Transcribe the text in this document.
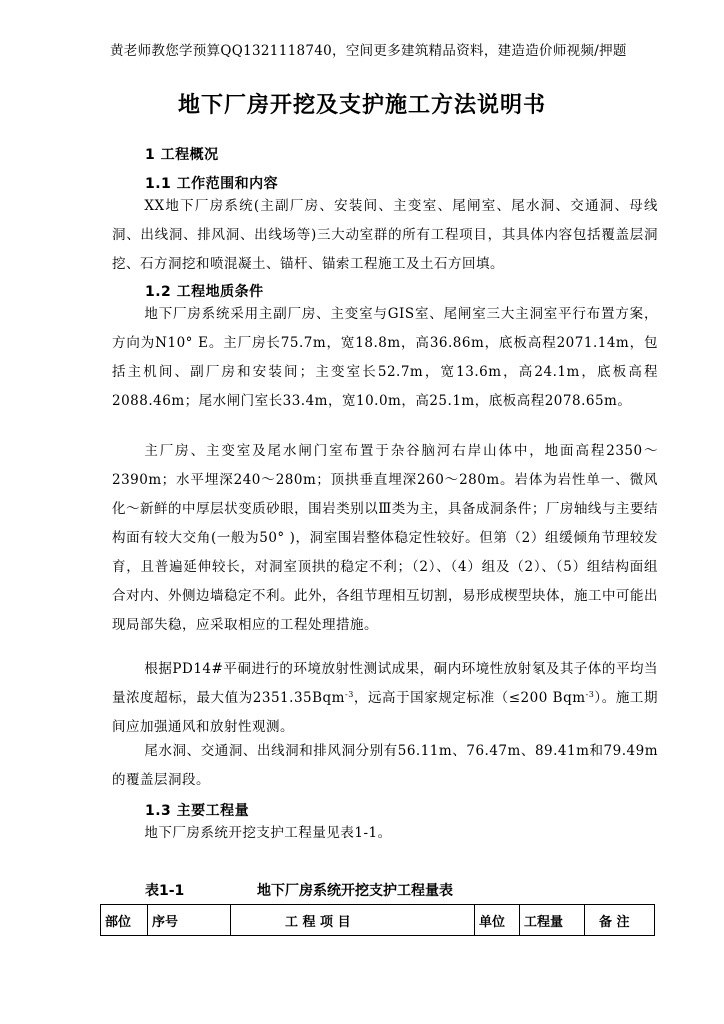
黄老师教您学预算QQ1321118740，空间更多建筑精品资料，建造造价师视频/押题
地下厂房开挖及支护施工方法说明书
1 工程概况
1.1 工作范围和内容
XX地下厂房系统(主副厂房、安装间、主变室、尾闸室、尾水洞、交通洞、母线洞、出线洞、排风洞、出线场等)三大动室群的所有工程项目，其具体内容包括覆盖层洞挖、石方洞挖和喷混凝土、锚杆、锚索工程施工及土石方回填。
1.2 工程地质条件
地下厂房系统采用主副厂房、主变室与GIS室、尾闸室三大主洞室平行布置方案，方向为N10° E。主厂房长75.7m，宽18.8m，高36.86m，底板高程2071.14m，包括主机间、副厂房和安装间；主变室长52.7m，宽13.6m，高24.1m，底板高程2088.46m；尾水闸门室长33.4m，宽10.0m，高25.1m，底板高程2078.65m。
主厂房、主变室及尾水闸门室布置于杂谷脑河右岸山体中，地面高程2350～2390m；水平埋深240～280m；顶拱垂直埋深260～280m。岩体为岩性单一、微风化～新鲜的中厚层状变质砂眼，围岩类别以Ⅲ类为主，具备成洞条件；厂房轴线与主要结构面有较大交角(一般为50° )，洞室围岩整体稳定性较好。但第（2）组缓倾角节理较发育，且普遍延伸较长，对洞室顶拱的稳定不利；（2）、（4）组及（2）、（5）组结构面组合对内、外侧边墙稳定不利。此外，各组节理相互切割，易形成楔型块体，施工中可能出现局部失稳，应采取相应的工程处理措施。
根据PD14#平硐进行的环境放射性测试成果，硐内环境性放射氡及其子体的平均当量浓度超标，最大值为2351.35Bqm$^{-3}$，远高于国家规定标准（≤200 Bqm$^{-3}$）。施工期间应加强通风和放射性观测。
尾水洞、交通洞、出线洞和排风洞分别有56.11m、76.47m、89.41m和79.49m的覆盖层洞段。
1.3 主要工程量
地下厂房系统开挖支护工程量见表1-1。
表1-1	地下厂房系统开挖支护工程量表
部位	序号	工 程 项 目	单位	工程量	备 注
